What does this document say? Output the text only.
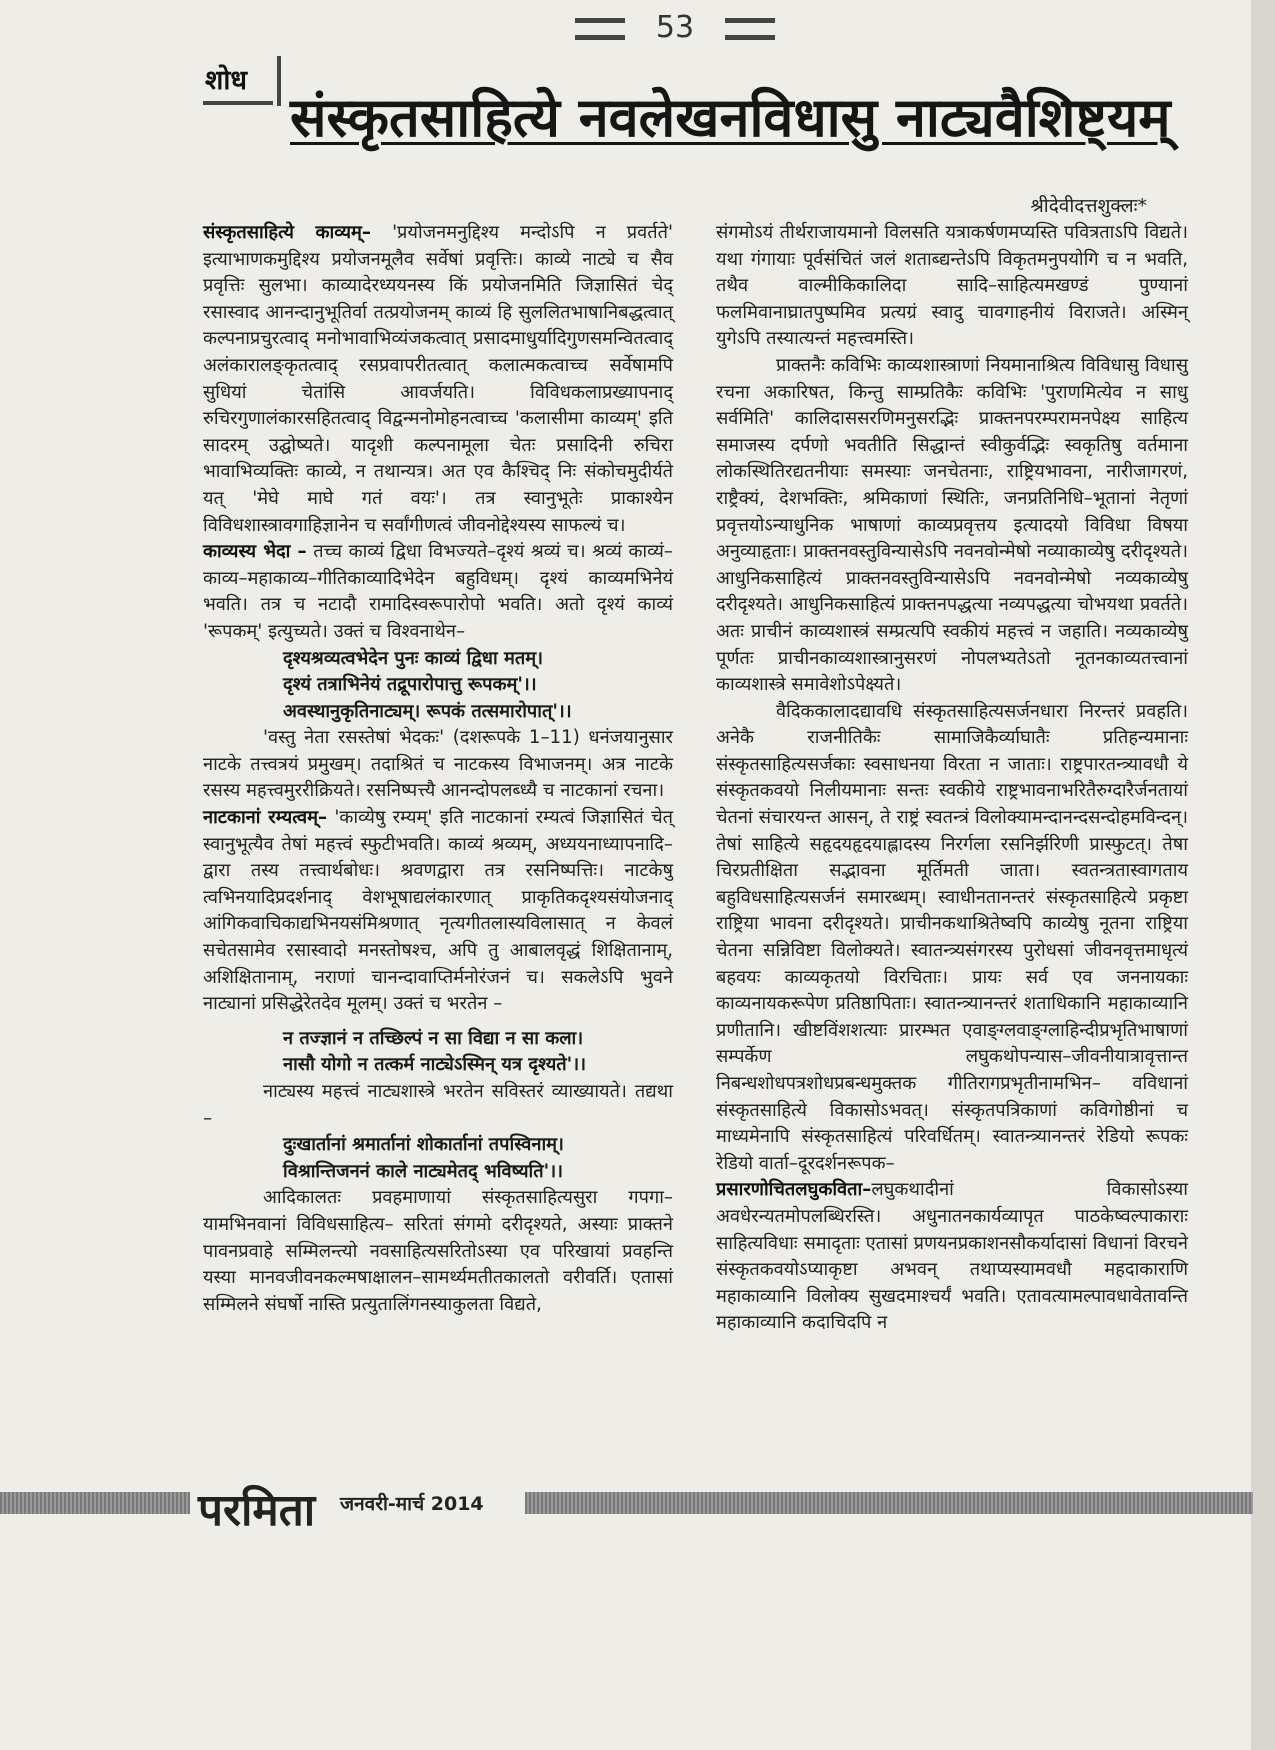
53
शोध
संस्कृतसाहित्ये नवलेखनविधासु नाट्यवैशिष्ट्यम्
श्रीदेवीदत्तशुक्लः*

संस्कृतसाहित्ये काव्यम्– 'प्रयोजनमनुद्दिश्य मन्दोऽपि न प्रवर्तते' इत्याभाणकमुद्दिश्य प्रयोजनमूलैव सर्वेषां प्रवृत्तिः। काव्ये नाट्ये च सैव प्रवृत्तिः सुलभा। काव्यादेरध्ययनस्य किं प्रयोजनमिति जिज्ञासितं चेद् रसास्वाद आनन्दानुभूतिर्वा तत्प्रयोजनम् काव्यं हि सुललितभाषानिबद्धत्वात् कल्पनाप्रचुरत्वाद् मनोभावाभिव्यंजकत्वात् प्रसादमाधुर्यादिगुणसमन्वितत्वाद् अलंकारालङ्कृतत्वाद् रसप्रवापरीतत्वात् कलात्मकत्वाच्च सर्वेषामपि सुधियां चेतांसि आवर्जयति। विविधकलाप्रख्यापनाद् रुचिरगुणालंकारसहितत्वाद् विद्वन्मनोमोहनत्वाच्च 'कलासीमा काव्यम्' इति सादरम् उद्घोष्यते। यादृशी कल्पनामूला चेतः प्रसादिनी रुचिरा भावाभिव्यक्तिः काव्ये, न तथान्यत्र। अत एव कैश्चिद् निः संकोचमुदीर्यते यत् 'मेघे माघे गतं वयः'। तत्र स्वानुभूतेः प्राकाश्येन विविधशास्त्रावगाहिज्ञानेन च सर्वांगीणत्वं जीवनोद्देश्यस्य साफल्यं च।

काव्यस्य भेदा – तच्च काव्यं द्विधा विभज्यते–दृश्यं श्रव्यं च। श्रव्यं काव्यं–काव्य–महाकाव्य–गीतिकाव्यादिभेदेन बहुविधम्। दृश्यं काव्यमभिनेयं भवति। तत्र च नटादौ रामादिस्वरूपारोपो भवति। अतो दृश्यं काव्यं 'रूपकम्' इत्युच्यते। उक्तं च विश्वनाथेन–

दृश्यश्रव्यत्वभेदेन पुनः काव्यं द्विधा मतम्।

दृश्यं तत्राभिनेयं तद्रूपारोपात्तु रूपकम्'।।

अवस्थानुकृतिनाट्यम्। रूपकं तत्समारोपात्'।।

'वस्तु नेता रसस्तेषां भेदकः' (दशरूपके 1–11) धनंजयानुसार नाटके तत्त्वत्रयं प्रमुखम्। तदाश्रितं च नाटकस्य विभाजनम्। अत्र नाटके रसस्य महत्त्वमुररीक्रियते। रसनिष्पत्त्यै आनन्दोपलब्ध्यै च नाटकानां रचना।

नाटकानां रम्यत्वम्– 'काव्येषु रम्यम्' इति नाटकानां रम्यत्वं जिज्ञासितं चेत् स्वानुभूत्यैव तेषां महत्त्वं स्फुटीभवति। काव्यं श्रव्यम्, अध्ययनाध्यापनादि–द्वारा तस्य तत्त्वार्थबोधः। श्रवणद्वारा तत्र रसनिष्पत्तिः। नाटकेषु त्वभिनयादिप्रदर्शनाद् वेशभूषाद्यलंकारणात् प्राकृतिकदृश्यसंयोजनाद् आंगिकवाचिकाद्यभिनयसंमिश्रणात् नृत्यगीतलास्यविलासात् न केवलं सचेतसामेव रसास्वादो मनस्तोषश्च, अपि तु आबालवृद्धं शिक्षितानाम्, अशिक्षितानाम्, नराणां चानन्दावाप्तिर्मनोरंजनं च। सकलेऽपि भुवने नाट्यानां प्रसिद्धेरेतदेव मूलम्। उक्तं च भरतेन –

न तज्ज्ञानं न तच्छिल्पं न सा विद्या न सा कला।

नासौ योगो न तत्कर्म नाट्येऽस्मिन् यत्र दृश्यते'।।

नाट्यस्य महत्त्वं नाट्यशास्त्रे भरतेन सविस्तरं व्याख्यायते। तद्यथा –

दुःखार्तानां श्रमार्तानां शोकार्तानां तपस्विनाम्।

विश्रान्तिजननं काले नाट्यमेतद् भविष्यति'।।

आदिकालतः प्रवहमाणायां संस्कृतसाहित्यसुरा गपगा–यामभिनवानां विविधसाहित्य– सरितां संगमो दरीदृश्यते, अस्याः प्राक्तने पावनप्रवाहे सम्मिलन्त्यो नवसाहित्यसरितोऽस्या एव परिखायां प्रवहन्ति यस्या मानवजीवनकल्मषाक्षालन–सामर्थ्यमतीतकालतो वरीवर्ति। एतासां सम्मिलने संघर्षो नास्ति प्रत्युतालिंगनस्याकुलता विद्यते,

संगमोऽयं तीर्थराजायमानो विलसति यत्राकर्षणमप्यस्ति पवित्रताऽपि विद्यते। यथा गंगायाः पूर्वसंचितं जलं शताब्द्यन्तेऽपि विकृतमनुपयोगि च न भवति, तथैव वाल्मीकिकालिदा सादि–साहित्यमखण्डं पुण्यानां फलमिवानाघ्रातपुष्पमिव प्रत्यग्रं स्वादु चावगाहनीयं विराजते। अस्मिन् युगेऽपि तस्यात्यन्तं महत्त्वमस्ति।

प्राक्तनैः कविभिः काव्यशास्त्राणां नियमानाश्रित्य विविधासु विधासु रचना अकारिषत, किन्तु साम्प्रतिकैः कविभिः 'पुराणमित्येव न साधु सर्वमिति' कालिदाससरणिमनुसरद्भिः प्राक्तनपरम्परामनपेक्ष्य साहित्य समाजस्य दर्पणो भवतीति सिद्धान्तं स्वीकुर्वद्भिः स्वकृतिषु वर्तमाना लोकस्थितिरद्यतनीयाः समस्याः जनचेतनाः, राष्ट्रियभावना, नारीजागरणं, राष्ट्रैक्यं, देशभक्तिः, श्रमिकाणां स्थितिः, जनप्रतिनिधि–भूतानां नेतृणां प्रवृत्तयोऽन्याधुनिक भाषाणां काव्यप्रवृत्तय इत्यादयो विविधा विषया अनुव्याहृताः। प्राक्तनवस्तुविन्यासेऽपि नवनवोन्मेषो नव्याकाव्येषु दरीदृश्यते। आधुनिकसाहित्यं प्राक्तनवस्तुविन्यासेऽपि नवनवोन्मेषो नव्यकाव्येषु दरीदृश्यते। आधुनिकसाहित्यं प्राक्तनपद्धत्या नव्यपद्धत्या चोभयथा प्रवर्तते। अतः प्राचीनं काव्यशास्त्रं सम्प्रत्यपि स्वकीयं महत्त्वं न जहाति। नव्यकाव्येषु पूर्णतः प्राचीनकाव्यशास्त्रानुसरणं नोपलभ्यतेऽतो नूतनकाव्यतत्त्वानां काव्यशास्त्रे समावेशोऽपेक्ष्यते।

वैदिककालादद्यावधि संस्कृतसाहित्यसर्जनधारा निरन्तरं प्रवहति। अनेकै राजनीतिकैः सामाजिकैर्व्याघातैः प्रतिहन्यमानाः संस्कृतसाहित्यसर्जकाः स्वसाधनया विरता न जाताः। राष्ट्रपारतन्त्र्यावधौ ये संस्कृतकवयो निलीयमानाः सन्तः स्वकीये राष्ट्रभावनाभरितैरुग्दारैर्जनतायां चेतनां संचारयन्त आसन्, ते राष्ट्रं स्वतन्त्रं विलोक्यामन्दानन्दसन्दोहमविन्दन्। तेषां साहित्ये सहृदयहृदयाह्लादस्य निरर्गला रसनिर्झरिणी प्रास्फुटत्। तेषा चिरप्रतीक्षिता सद्भावना मूर्तिमती जाता। स्वतन्त्रतास्वागताय बहुविधसाहित्यसर्जनं समारब्धम्। स्वाधीनतानन्तरं संस्कृतसाहित्ये प्रकृष्टा राष्ट्रिया भावना दरीदृश्यते। प्राचीनकथाश्रितेष्वपि काव्येषु नूतना राष्ट्रिया चेतना सन्निविष्टा विलोक्यते। स्वातन्त्र्यसंगरस्य पुरोधसां जीवनवृत्तमाधृत्यं बहवयः काव्यकृतयो विरचिताः। प्रायः सर्व एव जननायकाः काव्यनायकरूपेण प्रतिष्ठापिताः। स्वातन्त्र्यानन्तरं शताधिकानि महाकाव्यानि प्रणीतानि। खीष्टविंशशत्याः प्रारम्भत एवाङ्ग्लवाङ्ग्लाहिन्दीप्रभृतिभाषाणां सम्पर्केण लघुकथोपन्यास–जीवनीयात्रावृत्तान्त निबन्धशोधपत्रशोधप्रबन्धमुक्तक गीतिरागप्रभृतीनामभिन– वविधानां संस्कृतसाहित्ये विकासोऽभवत्। संस्कृतपत्रिकाणां कविगोष्ठीनां च माध्यमेनापि संस्कृतसाहित्यं परिवर्धितम्। स्वातन्त्र्यानन्तरं रेडियो रूपकः रेडियो वार्ता–दूरदर्शनरूपक–

प्रसारणोचितलघुकविता–लघुकथादीनां विकासोऽस्या अवधेरन्यतमोपलब्धिरस्ति। अधुनातनकार्यव्यापृत पाठकेष्वल्पाकाराः साहित्यविधाः समादृताः एतासां प्रणयनप्रकाशनसौकर्यादासां विधानां विरचने संस्कृतकवयोऽप्याकृष्टा अभवन् तथाप्यस्यामवधौ महदाकाराणि महाकाव्यानि विलोक्य सुखदमाश्चर्यं भवति। एतावत्यामल्पावधावेतावन्ति महाकाव्यानि कदाचिदपि न

परमिता जनवरी-मार्च 2014
